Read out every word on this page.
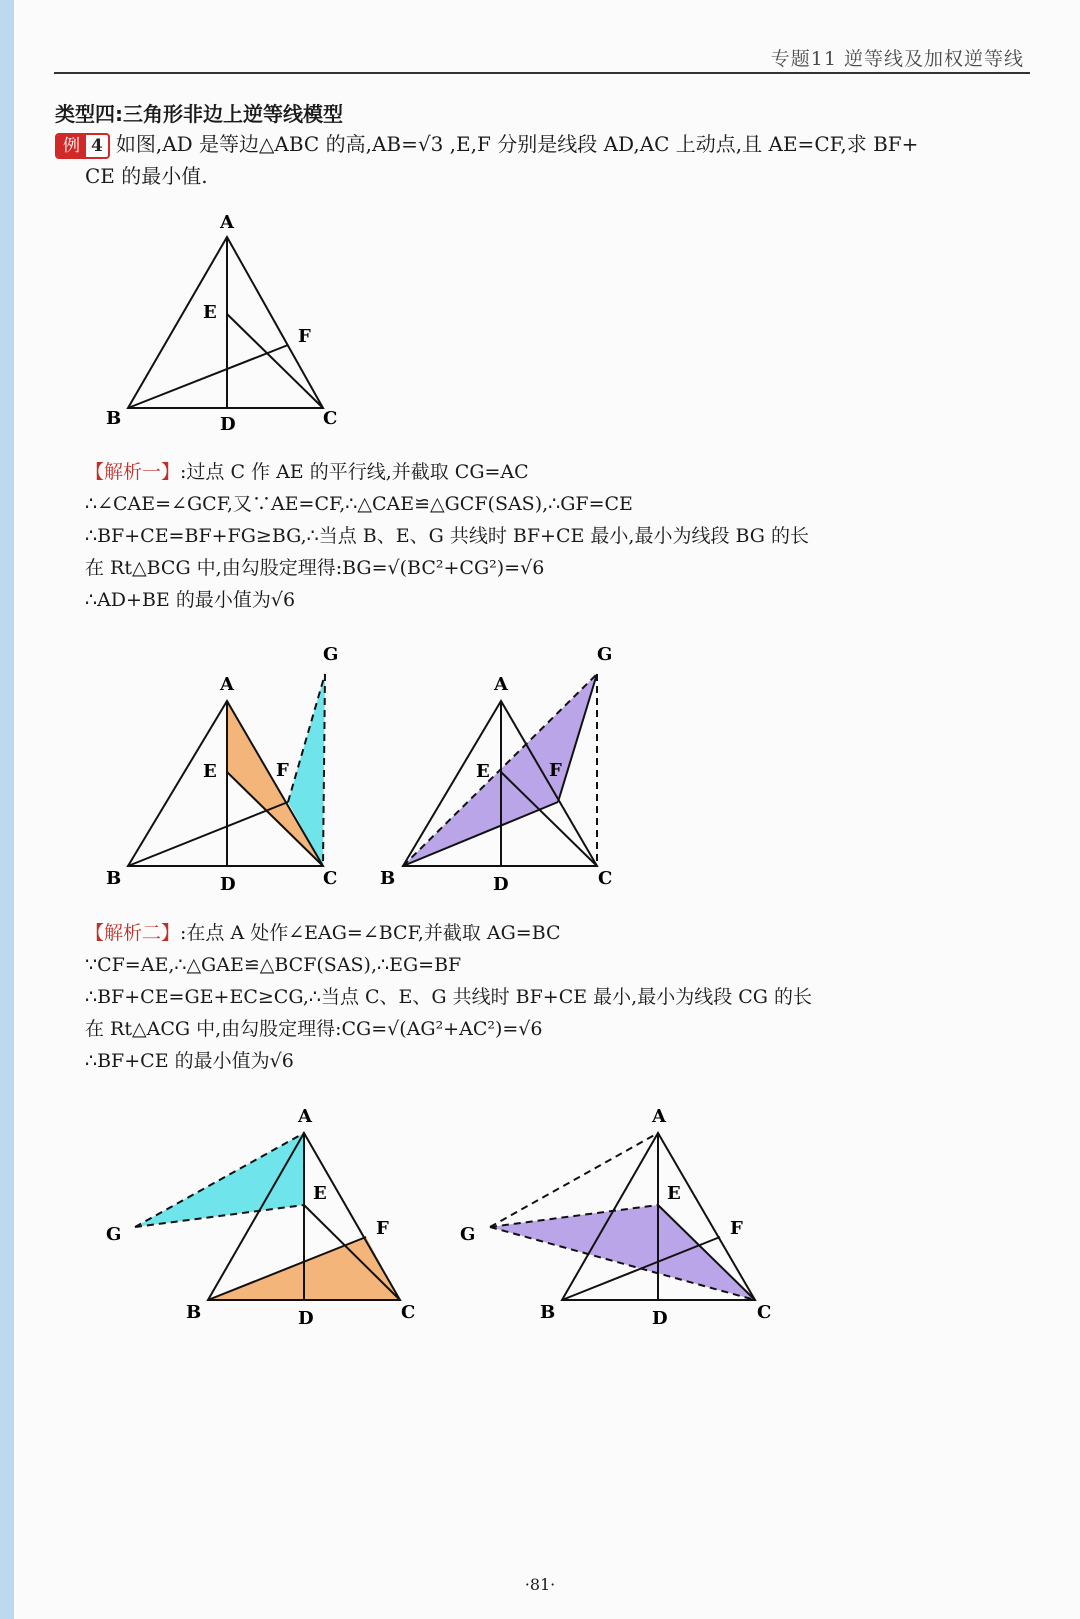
专题11 逆等线及加权逆等线
类型四:三角形非边上逆等线模型
例 4 如图,AD 是等边△ABC 的高,AB=√3 ,E,F 分别是线段 AD,AC 上动点,且 AE=CF,求 BF+
CE 的最小值.
A
B	C
D
E
F

【解析一】:过点 C 作 AE 的平行线,并截取 CG=AC

∴∠CAE=∠GCF,又∵AE=CF,∴△CAE≌△GCF(SAS),∴GF=CE

∴BF+CE=BF+FG≥BG,∴当点 B、E、G 共线时 BF+CE 最小,最小为线段 BG 的长

在 Rt△BCG 中,由勾股定理得:BG=√(BC²+CG²)=√6

∴AD+BE 的最小值为√6

A
B	C
D
E	F
G
A
B	C
D
E	F
G

【解析二】:在点 A 处作∠EAG=∠BCF,并截取 AG=BC

∵CF=AE,∴△GAE≌△BCF(SAS),∴EG=BF

∴BF+CE=GE+EC≥CG,∴当点 C、E、G 共线时 BF+CE 最小,最小为线段 CG 的长

在 Rt△ACG 中,由勾股定理得:CG=√(AG²+AC²)=√6

∴BF+CE 的最小值为√6

A
B	C
D
E
F
G
A
B	C
D
E
F
G
·81·
